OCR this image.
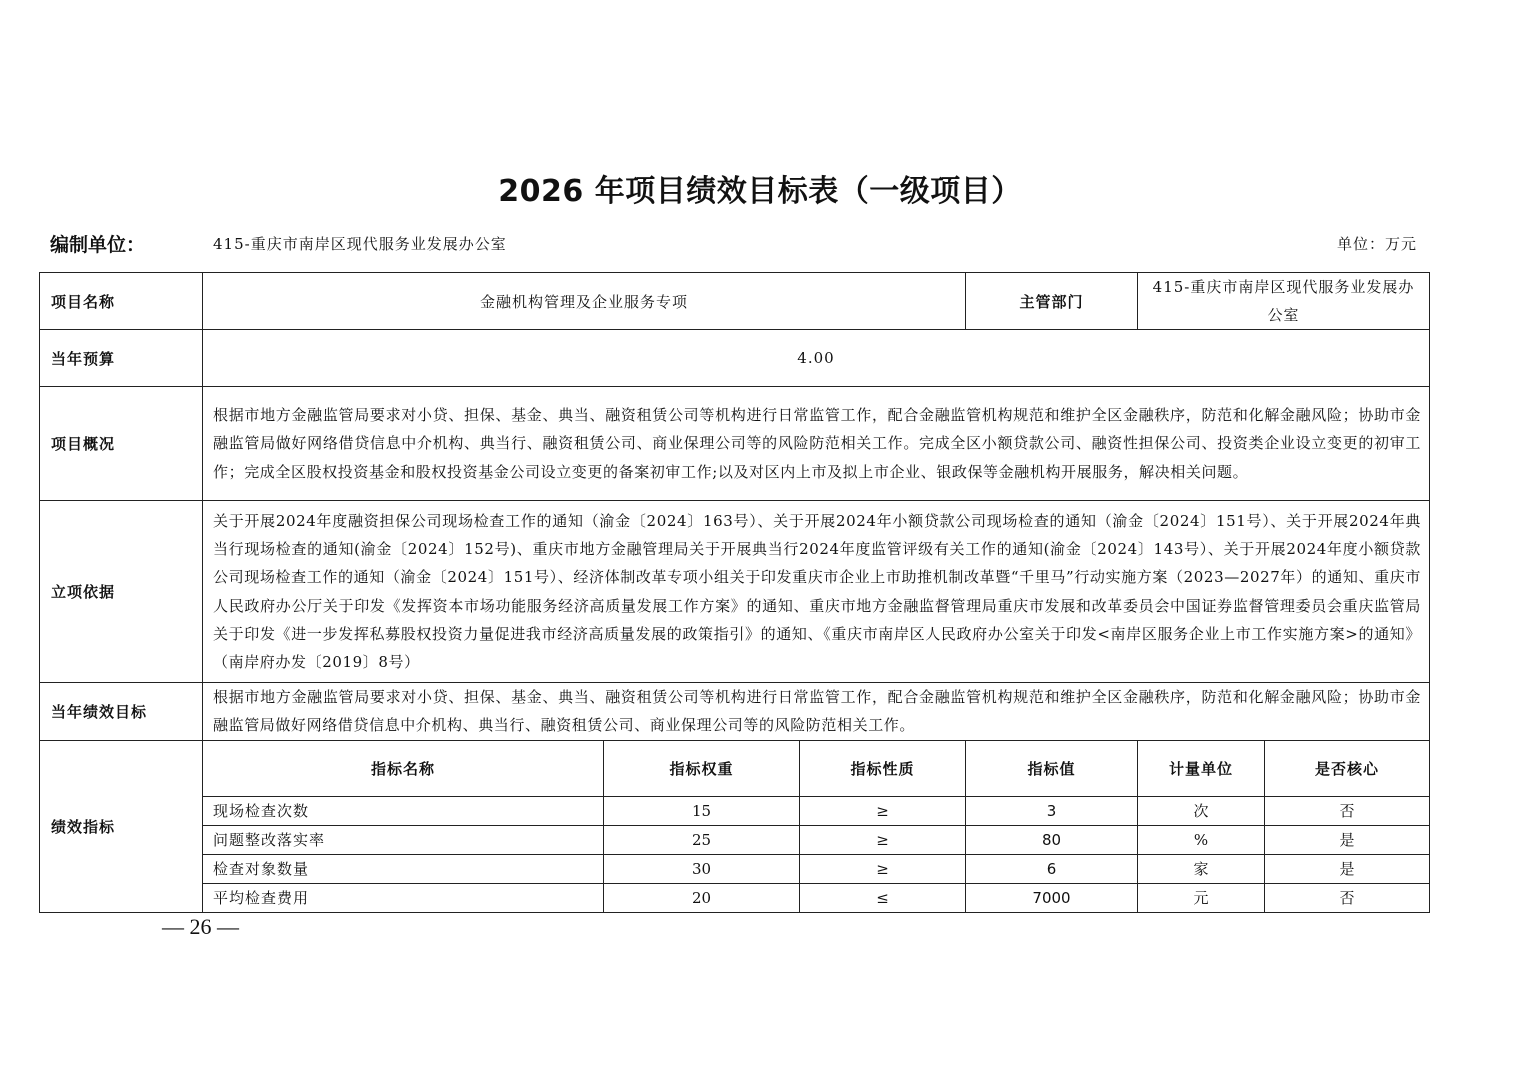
2026 年项目绩效目标表（一级项目）
编制单位：	415-重庆市南岸区现代服务业发展办公室	单位：万元
项目名称	金融机构管理及企业服务专项			主管部门	415-重庆市南岸区现代服务业发展办公室	
当年预算	4.00					
项目概况	根据市地方金融监管局要求对小贷、担保、基金、典当、融资租赁公司等机构进行日常监管工作，配合金融监管机构规范和维护全区金融秩序，防范和化解金融风险；协助市金融监管局做好网络借贷信息中介机构、典当行、融资租赁公司、商业保理公司等的风险防范相关工作。完成全区小额贷款公司、融资性担保公司、投资类企业设立变更的初审工作；完成全区股权投资基金和股权投资基金公司设立变更的备案初审工作;以及对区内上市及拟上市企业、银政保等金融机构开展服务，解决相关问题。					
立项依据	关于开展2024年度融资担保公司现场检查工作的通知（渝金〔2024〕163号）、关于开展2024年小额贷款公司现场检查的通知（渝金〔2024〕151号）、关于开展2024年典当行现场检查的通知(渝金〔2024〕152号)、重庆市地方金融管理局关于开展典当行2024年度监管评级有关工作的通知(渝金〔2024〕143号）、关于开展2024年度小额贷款公司现场检查工作的通知（渝金〔2024〕151号）、经济体制改革专项小组关于印发重庆市企业上市助推机制改革暨“千里马”行动实施方案（2023—2027年）的通知、重庆市人民政府办公厅关于印发《发挥资本市场功能服务经济高质量发展工作方案》的通知、重庆市地方金融监督管理局重庆市发展和改革委员会中国证券监督管理委员会重庆监管局关于印发《进一步发挥私募股权投资力量促进我市经济高质量发展的政策指引》的通知、《重庆市南岸区人民政府办公室关于印发<南岸区服务企业上市工作实施方案>的通知》（南岸府办发〔2019〕8号）					
当年绩效目标	根据市地方金融监管局要求对小贷、担保、基金、典当、融资租赁公司等机构进行日常监管工作，配合金融监管机构规范和维护全区金融秩序，防范和化解金融风险；协助市金融监管局做好网络借贷信息中介机构、典当行、融资租赁公司、商业保理公司等的风险防范相关工作。					
绩效指标	指标名称	指标权重	指标性质	指标值	计量单位	是否核心
	现场检查次数	15	≥	3	次	否
	问题整改落实率	25	≥	80	%	是
	检查对象数量	30	≥	6	家	是
	平均检查费用	20	≤	7000	元	否
— 26 —
